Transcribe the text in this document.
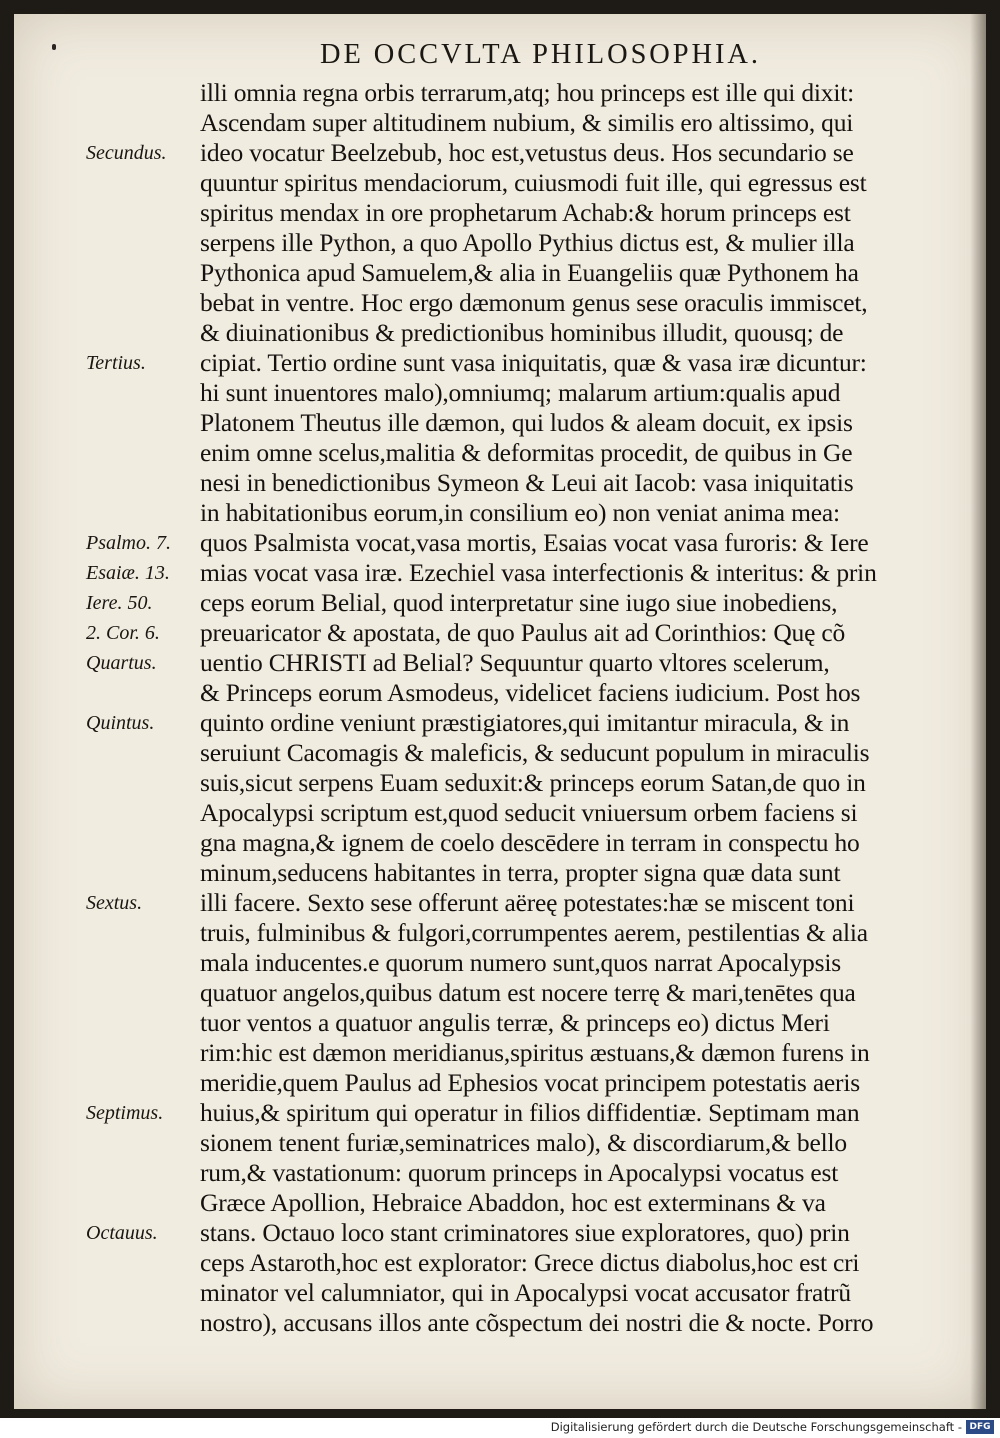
DE OCCVLTA PHILOSOPHIA.
illi omnia regna orbis terrarum,atq; hou princeps est ille qui dixit:
Ascendam super altitudinem nubium, & similis ero altissimo, qui
ideo vocatur Beelzebub, hoc est,vetustus deus. Hos secundario se
quuntur spiritus mendaciorum, cuiusmodi fuit ille, qui egressus est
spiritus mendax in ore prophetarum Achab:& horum princeps est
serpens ille Python, a quo Apollo Pythius dictus est, & mulier illa
Pythonica apud Samuelem,& alia in Euangeliis quæ Pythonem ha
bebat in ventre. Hoc ergo dæmonum genus sese oraculis immiscet,
& diuinationibus & predictionibus hominibus illudit, quousq; de
cipiat. Tertio ordine sunt vasa iniquitatis, quæ & vasa iræ dicuntur:
hi sunt inuentores malo),omniumq; malarum artium:qualis apud
Platonem Theutus ille dæmon, qui ludos & aleam docuit, ex ipsis
enim omne scelus,malitia & deformitas procedit, de quibus in Ge
nesi in benedictionibus Symeon & Leui ait Iacob: vasa iniquitatis
in habitationibus eorum,in consilium eo) non veniat anima mea:
quos Psalmista vocat,vasa mortis, Esaias vocat vasa furoris: & Iere
mias vocat vasa iræ. Ezechiel vasa interfectionis & interitus: & prin
ceps eorum Belial, quod interpretatur sine iugo siue inobediens,
preuaricator & apostata, de quo Paulus ait ad Corinthios: Quę cõ
uentio CHRISTI ad Belial? Sequuntur quarto vltores scelerum,
& Princeps eorum Asmodeus, videlicet faciens iudicium. Post hos
quinto ordine veniunt præstigiatores,qui imitantur miracula, & in
seruiunt Cacomagis & maleficis, & seducunt populum in miraculis
suis,sicut serpens Euam seduxit:& princeps eorum Satan,de quo in
Apocalypsi scriptum est,quod seducit vniuersum orbem faciens si
gna magna,& ignem de coelo descēdere in terram in conspectu ho
minum,seducens habitantes in terra, propter signa quæ data sunt
illi facere. Sexto sese offerunt aëreę potestates:hæ se miscent toni
truis, fulminibus & fulgori,corrumpentes aerem, pestilentias & alia
mala inducentes.e quorum numero sunt,quos narrat Apocalypsis
quatuor angelos,quibus datum est nocere terrę & mari,tenētes qua
tuor ventos a quatuor angulis terræ, & princeps eo) dictus Meri
rim:hic est dæmon meridianus,spiritus æstuans,& dæmon furens in
meridie,quem Paulus ad Ephesios vocat principem potestatis aeris
huius,& spiritum qui operatur in filios diffidentiæ. Septimam man
sionem tenent furiæ,seminatrices malo), & discordiarum,& bello
rum,& vastationum: quorum princeps in Apocalypsi vocatus est
Græce Apollion, Hebraice Abaddon, hoc est exterminans & va
stans. Octauo loco stant criminatores siue exploratores, quo) prin
ceps Astaroth,hoc est explorator: Grece dictus diabolus,hoc est cri
minator vel calumniator, qui in Apocalypsi vocat accusator fratrũ
nostro), accusans illos ante cõspectum dei nostri die & nocte. Porro
Secundus.
Tertius.
Psalmo. 7.
Esaiæ. 13.
Iere. 50.
2. Cor. 6.
Quartus.
Quintus.
Sextus.
Septimus.
Octauus.
Digitalisierung gefördert durch die Deutsche Forschungsgemeinschaft - DFG
